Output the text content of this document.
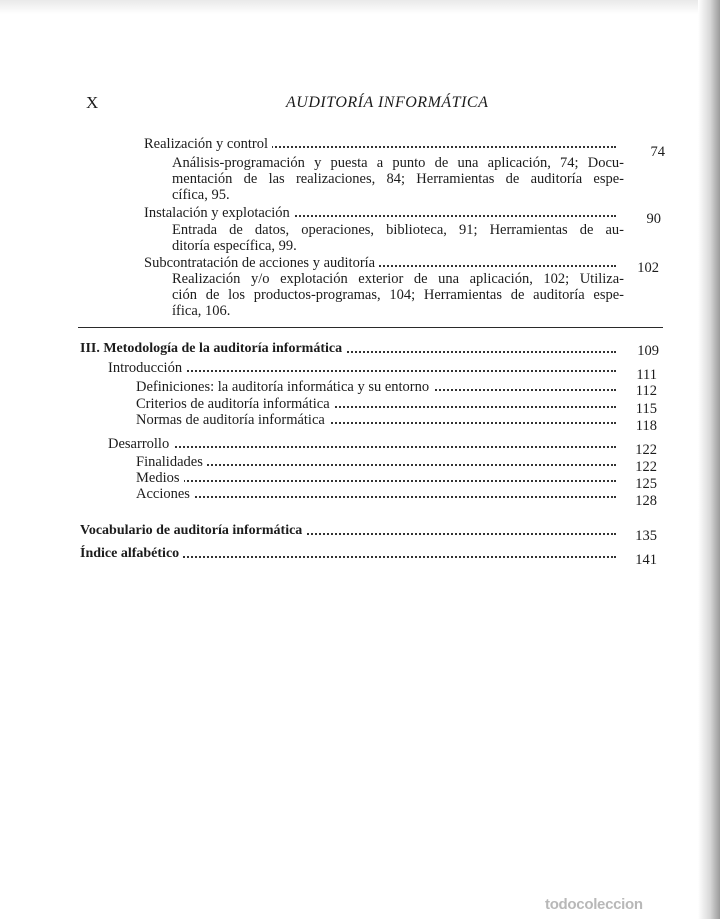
X	AUDITORÍA INFORMÁTICA
Realización y control	74
Análisis-programación y puesta a punto de una aplicación, 74; Docu-
mentación de las realizaciones, 84; Herramientas de auditoría espe-
cífica, 95.
Instalación y explotación	90
Entrada de datos, operaciones, biblioteca, 91; Herramientas de au-
ditoría específica, 99.
Subcontratación de acciones y auditoría	102
Realización y/o explotación exterior de una aplicación, 102; Utiliza-
ción de los productos-programas, 104; Herramientas de auditoría espe-
ífica, 106.
III. Metodología de la auditoría informática	109
Introducción	111
Definiciones: la auditoría informática y su entorno	112
Criterios de auditoría informática	115
Normas de auditoría informática	118
Desarrollo	122
Finalidades	122
Medios	125
Acciones	128
Vocabulario de auditoría informática	135
Índice alfabético	141
todocoleccion
